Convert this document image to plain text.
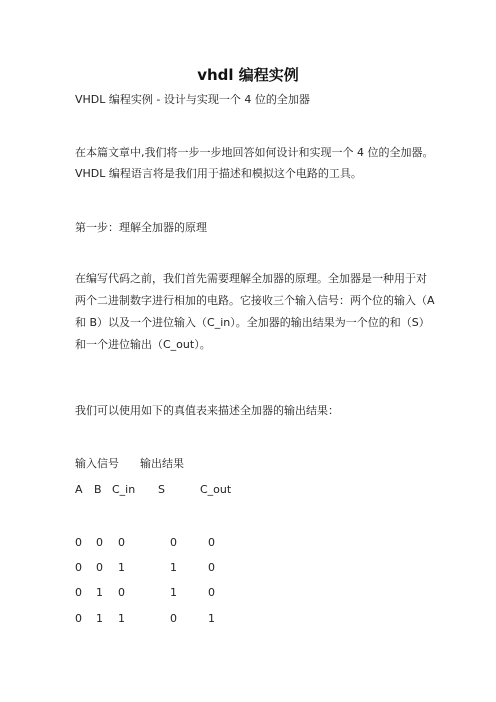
vhdl 编程实例
VHDL 编程实例 - 设计与实现一个 4 位的全加器
在本篇文章中,我们将一步一步地回答如何设计和实现一个 4 位的全加器。
VHDL 编程语言将是我们用于描述和模拟这个电路的工具。
第一步：理解全加器的原理
在编写代码之前，我们首先需要理解全加器的原理。全加器是一种用于对
两个二进制数字进行相加的电路。它接收三个输入信号：两个位的输入（A
和 B）以及一个进位输入（C_in）。全加器的输出结果为一个位的和（S）
和一个进位输出（C_out）。
我们可以使用如下的真值表来描述全加器的输出结果：
输入信号 输出结果
A B C_in S	C_out
0 0 0	0	0
0 0 1	1	0
0 1 0	1	0
0 1 1	0	1
